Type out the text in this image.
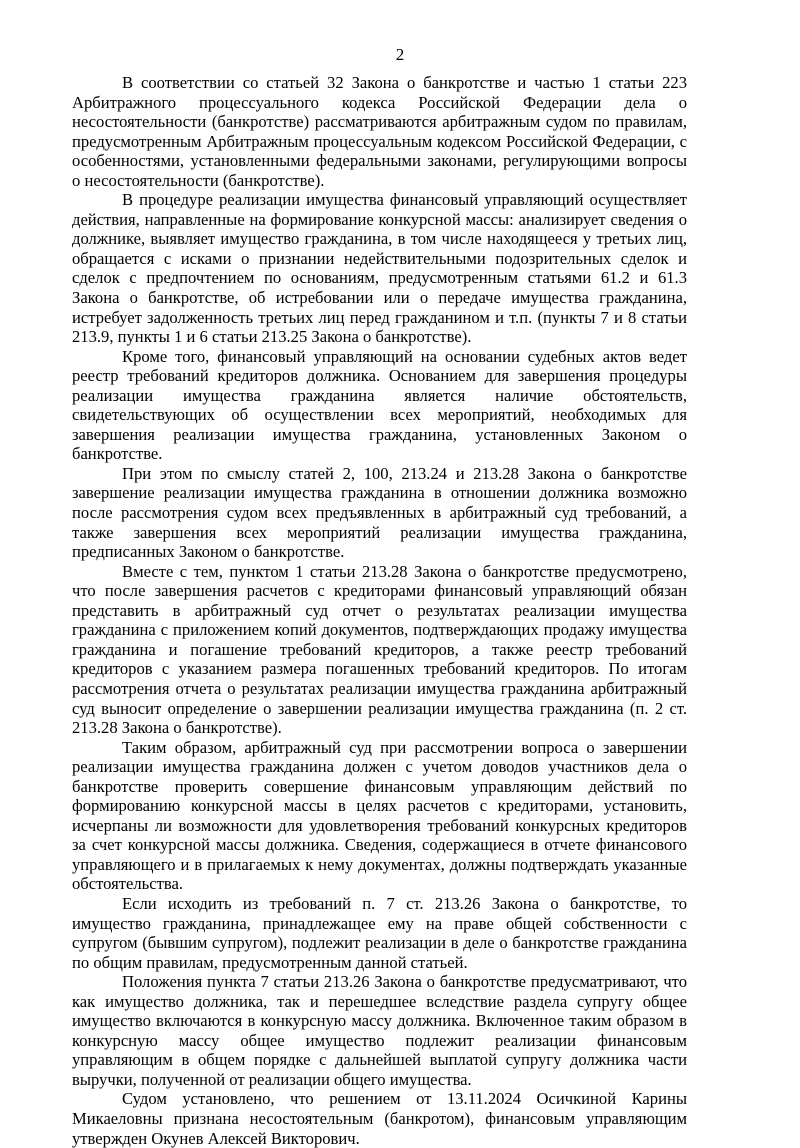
2

В соответствии со статьей 32 Закона о банкротстве и частью 1 статьи 223 Арбитражного процессуального кодекса Российской Федерации дела о несостоятельности (банкротстве) рассматриваются арбитражным судом по правилам, предусмотренным Арбитражным процессуальным кодексом Российской Федерации, с особенностями, установленными федеральными законами, регулирующими вопросы о несостоятельности (банкротстве).

В процедуре реализации имущества финансовый управляющий осуществляет действия, направленные на формирование конкурсной массы: анализирует сведения о должнике, выявляет имущество гражданина, в том числе находящееся у третьих лиц, обращается с исками о признании недействительными подозрительных сделок и сделок с предпочтением по основаниям, предусмотренным статьями 61.2 и 61.3 Закона о банкротстве, об истребовании или о передаче имущества гражданина, истребует задолженность третьих лиц перед гражданином и т.п. (пункты 7 и 8 статьи 213.9, пункты 1 и 6 статьи 213.25 Закона о банкротстве).

Кроме того, финансовый управляющий на основании судебных актов ведет реестр требований кредиторов должника. Основанием для завершения процедуры реализации имущества гражданина является наличие обстоятельств, свидетельствующих об осуществлении всех мероприятий, необходимых для завершения реализации имущества гражданина, установленных Законом о банкротстве.

При этом по смыслу статей 2, 100, 213.24 и 213.28 Закона о банкротстве завершение реализации имущества гражданина в отношении должника возможно после рассмотрения судом всех предъявленных в арбитражный суд требований, а также завершения всех мероприятий реализации имущества гражданина, предписанных Законом о банкротстве.

Вместе с тем, пунктом 1 статьи 213.28 Закона о банкротстве предусмотрено, что после завершения расчетов с кредиторами финансовый управляющий обязан представить в арбитражный суд отчет о результатах реализации имущества гражданина с приложением копий документов, подтверждающих продажу имущества гражданина и погашение требований кредиторов, а также реестр требований кредиторов с указанием размера погашенных требований кредиторов. По итогам рассмотрения отчета о результатах реализации имущества гражданина арбитражный суд выносит определение о завершении реализации имущества гражданина (п. 2 ст. 213.28 Закона о банкротстве).

Таким образом, арбитражный суд при рассмотрении вопроса о завершении реализации имущества гражданина должен с учетом доводов участников дела о банкротстве проверить совершение финансовым управляющим действий по формированию конкурсной массы в целях расчетов с кредиторами, установить, исчерпаны ли возможности для удовлетворения требований конкурсных кредиторов за счет конкурсной массы должника. Сведения, содержащиеся в отчете финансового управляющего и в прилагаемых к нему документах, должны подтверждать указанные обстоятельства.

Если исходить из требований п. 7 ст. 213.26 Закона о банкротстве, то имущество гражданина, принадлежащее ему на праве общей собственности с супругом (бывшим супругом), подлежит реализации в деле о банкротстве гражданина по общим правилам, предусмотренным данной статьей.

Положения пункта 7 статьи 213.26 Закона о банкротстве предусматривают, что как имущество должника, так и перешедшее вследствие раздела супругу общее имущество включаются в конкурсную массу должника. Включенное таким образом в конкурсную массу общее имущество подлежит реализации финансовым управляющим в общем порядке с дальнейшей выплатой супругу должника части выручки, полученной от реализации общего имущества.

Судом установлено, что решением от 13.11.2024 Осичкиной Карины Микаеловны признана несостоятельным (банкротом), финансовым управляющим утвержден Окунев Алексей Викторович.
